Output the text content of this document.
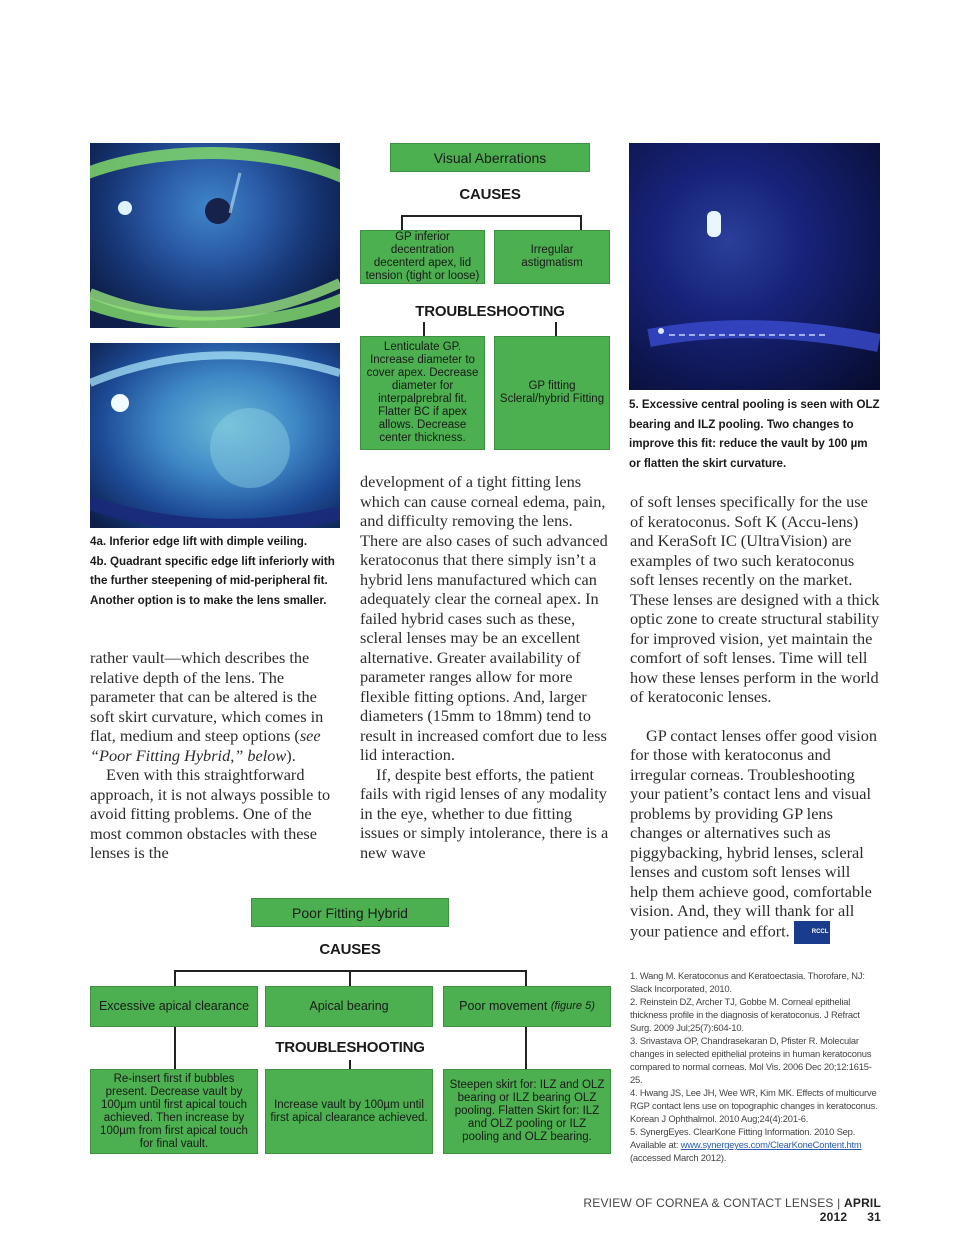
4a. Inferior edge lift with dimple veiling.
4b. Quadrant specific edge lift inferiorly with the further steepening of mid-peripheral fit. Another option is to make the lens smaller.
5. Excessive central pooling is seen with OLZ bearing and ILZ pooling. Two changes to improve this fit: reduce the vault by 100 µm or flatten the skirt curvature.
Visual Aberrations
CAUSES
GP inferior decentration decenterd apex, lid tension (tight or loose)
Irregular astigmatism
TROUBLESHOOTING
Lenticulate GP. Increase diameter to cover apex. Decrease diameter for interpalprebral fit. Flatter BC if apex allows. Decrease center thickness.
GP fitting Scleral/hybrid Fitting

rather vault—which describes the relative depth of the lens. The parameter that can be altered is the soft skirt curvature, which comes in flat, medium and steep options (see “Poor Fitting Hybrid,” below).

Even with this straightforward approach, it is not always possible to avoid fitting problems. One of the most common obstacles with these lenses is the

development of a tight fitting lens which can cause corneal edema, pain, and difficulty removing the lens. There are also cases of such advanced keratoconus that there simply isn’t a hybrid lens manufactured which can adequately clear the corneal apex. In failed hybrid cases such as these, scleral lenses may be an excellent alternative. Greater availability of parameter ranges allow for more flexible fitting options. And, larger diameters (15mm to 18mm) tend to result in increased comfort due to less lid interaction.

If, despite best efforts, the patient fails with rigid lenses of any modality in the eye, whether to due fitting issues or simply intolerance, there is a new wave

of soft lenses specifically for the use of keratoconus. Soft K (Accu-lens) and KeraSoft IC (UltraVision) are examples of two such keratoconus soft lenses recently on the market. These lenses are designed with a thick optic zone to create structural stability for improved vision, yet maintain the comfort of soft lenses. Time will tell how these lenses perform in the world of keratoconic lenses.

GP contact lenses offer good vision for those with keratoconus and irregular corneas. Troubleshooting your patient’s contact lens and visual problems by providing GP lens changes or alternatives such as piggybacking, hybrid lenses, scleral lenses and custom soft lenses will help them achieve good, comfortable vision. And, they will thank for all your patience and effort.	RCCL

Poor Fitting Hybrid
CAUSES
Excessive apical clearance	Apical bearing	Poor movement
(figure 5)
TROUBLESHOOTING
Re-insert first if bubbles present. Decrease vault by 100µm until first apical touch achieved. Then increase by 100µm from first apical touch for final vault.
Increase vault by 100µm until first apical clearance achieved.
Steepen skirt for: ILZ and OLZ bearing or ILZ bearing OLZ pooling. Flatten Skirt for: ILZ and OLZ pooling or ILZ pooling and OLZ bearing.
1. Wang M. Keratoconus and Keratoectasia. Thorofare, NJ: Slack Incorporated, 2010.
2. Reinstein DZ, Archer TJ, Gobbe M. Corneal epithelial thickness profile in the diagnosis of keratoconus. J Refract Surg. 2009 Jul;25(7):604-10.
3. Srivastava OP, Chandrasekaran D, Pfister R. Molecular changes in selected epithelial proteins in human keratoconus compared to normal corneas. Mol Vis. 2006 Dec 20;12:1615-25.
4. Hwang JS, Lee JH, Wee WR, Kim MK. Effects of multicurve RGP contact lens use on topographic changes in keratoconus. Korean J Ophthalmol. 2010 Aug;24(4):201-6.
5. SynergEyes. ClearKone Fitting Information. 2010 Sep. Available at: www.synergeyes.com/ClearKoneContent.htm (accessed March 2012).
REVIEW OF CORNEA & CONTACT LENSES | APRIL 2012 31
